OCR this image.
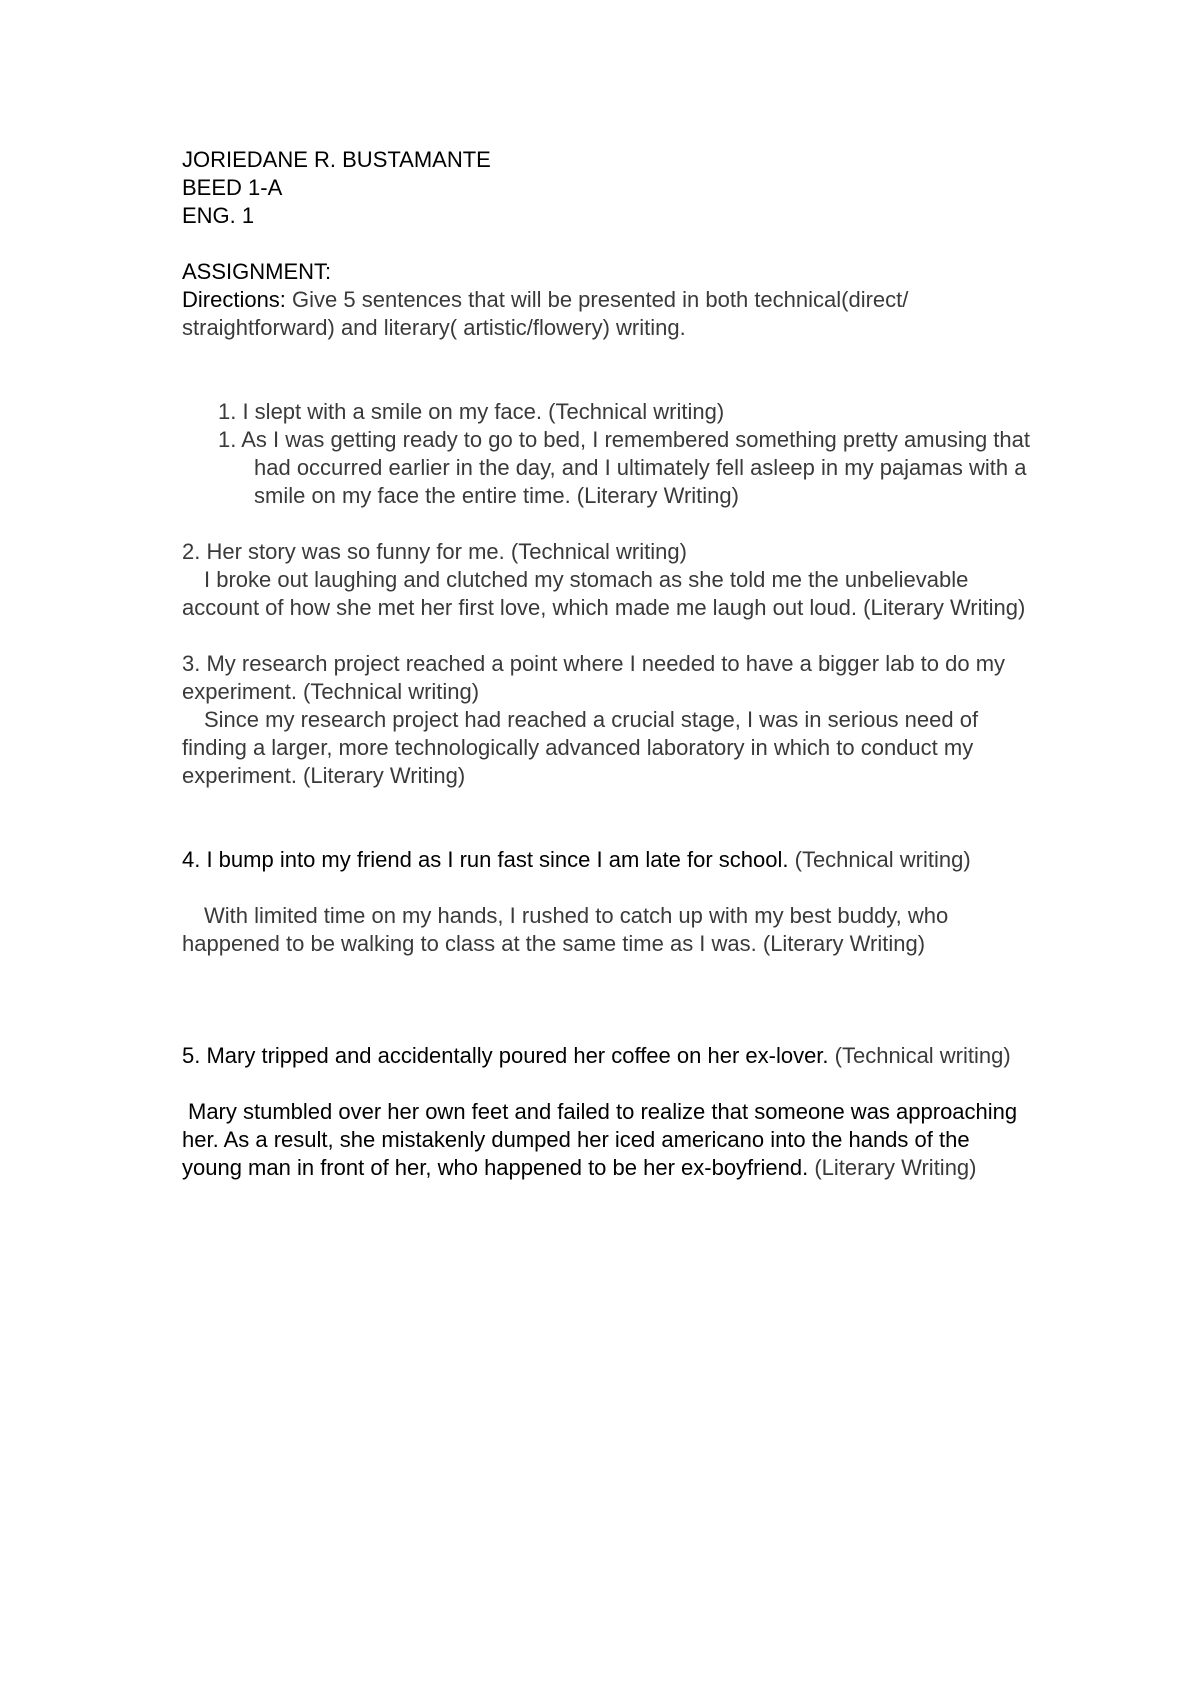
JORIEDANE R. BUSTAMANTE
BEED 1-A
ENG. 1
ASSIGNMENT:
Directions: Give 5 sentences that will be presented in both technical(direct/ straightforward) and literary( artistic/flowery) writing.
1. I slept with a smile on my face. (Technical writing)
1. As I was getting ready to go to bed, I remembered something pretty amusing that had occurred earlier in the day, and I ultimately fell asleep in my pajamas with a smile on my face the entire time. (Literary Writing)
2. Her story was so funny for me. (Technical writing)
I broke out laughing and clutched my stomach as she told me the unbelievable account of how she met her first love, which made me laugh out loud. (Literary Writing)
3. My research project reached a point where I needed to have a bigger lab to do my experiment. (Technical writing)
Since my research project had reached a crucial stage, I was in serious need of finding a larger, more technologically advanced laboratory in which to conduct my experiment. (Literary Writing)
4. I bump into my friend as I run fast since I am late for school. (Technical writing)
With limited time on my hands, I rushed to catch up with my best buddy, who happened to be walking to class at the same time as I was. (Literary Writing)
5. Mary tripped and accidentally poured her coffee on her ex-lover. (Technical writing)
Mary stumbled over her own feet and failed to realize that someone was approaching her. As a result, she mistakenly dumped her iced americano into the hands of the young man in front of her, who happened to be her ex-boyfriend. (Literary Writing)
